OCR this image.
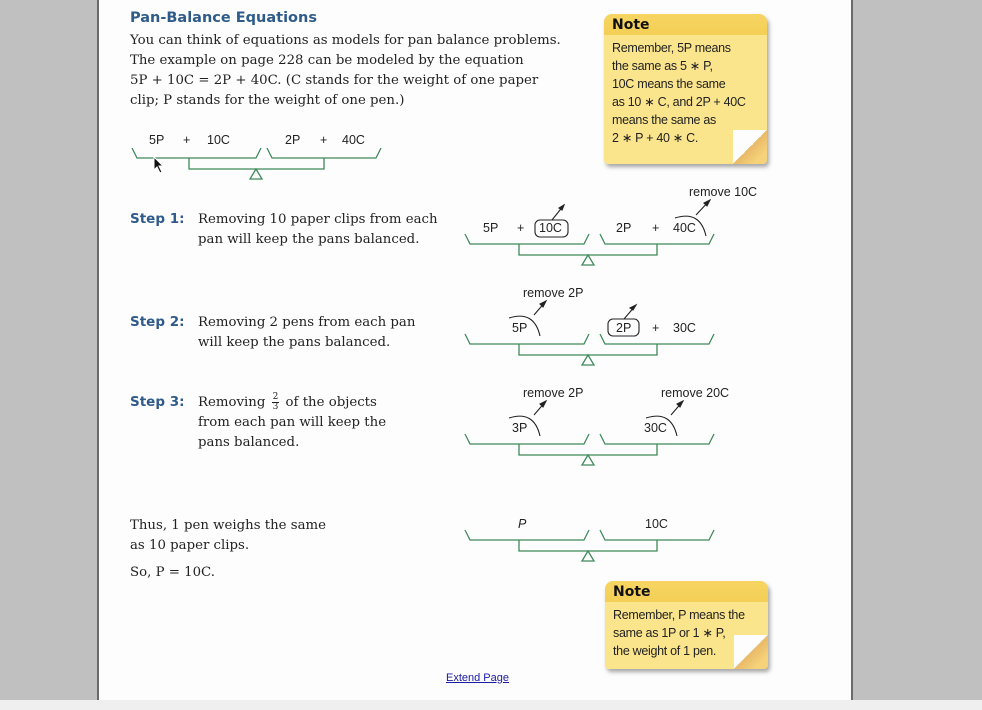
Pan-Balance Equations
You can think of equations as models for pan balance problems.
The example on page 228 can be modeled by the equation
5P + 10C = 2P + 40C. (C stands for the weight of one paper
clip; P stands for the weight of one pen.)
Note
Remember, 5P means
the same as 5 ∗ P,
10C means the same
as 10 ∗ C, and 2P + 40C
means the same as
2 ∗ P + 40 ∗ C.
5P + 10C	2P + 40C
Step 1: Removing 10 paper clips from each
pan will keep the pans balanced.
5P + 10C	2P + 40C
remove 10C
Step 2: Removing 2 pens from each pan
will keep the pans balanced.
5P	2P + 30C
remove 2P
Step 3: Removing $\frac{2}{3}$ of the objects
from each pan will keep the
pans balanced.
3P	30C
remove 2P	remove 20C
Thus, 1 pen weighs the same
as 10 paper clips.
So, P = 10C.
P	10C
Note
Remember, P means the
same as 1P or 1 ∗ P,
the weight of 1 pen.
Extend Page
